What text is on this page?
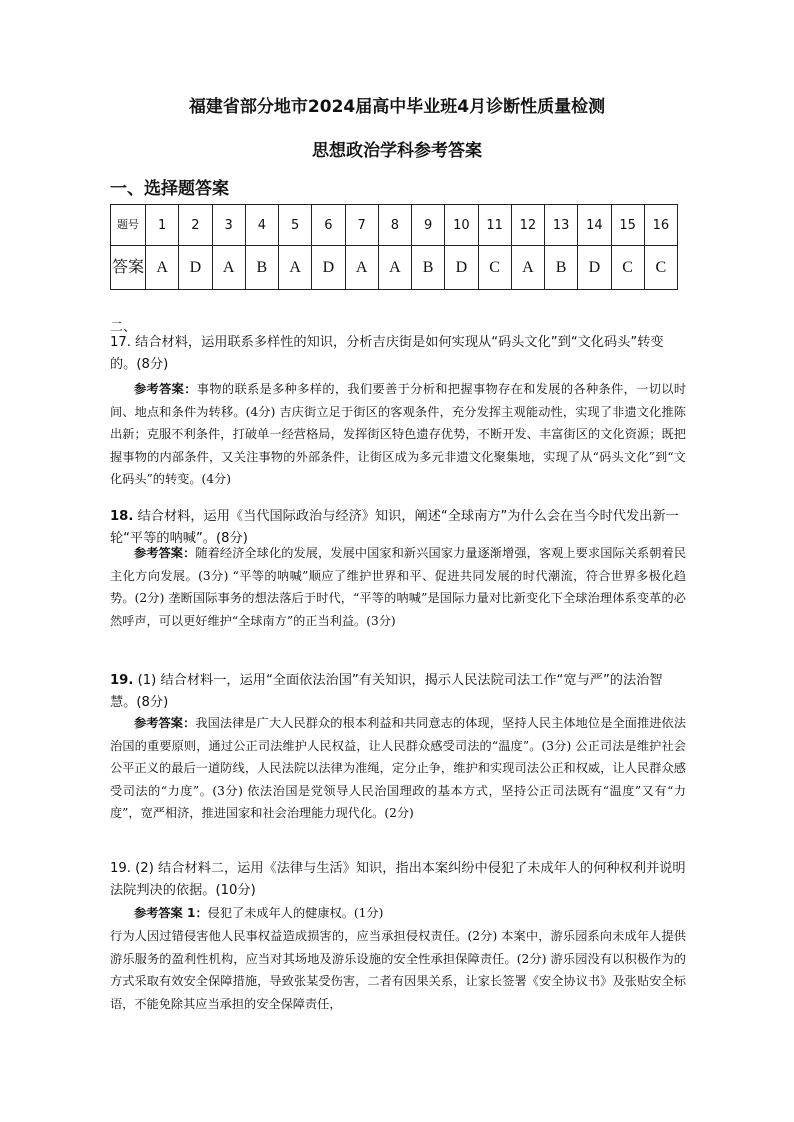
福建省部分地市2024届高中毕业班4月诊断性质量检测
思想政治学科参考答案
一、选择题答案
题号	1	2	3	4	5	6	7	8	9	10	11	12	13	14	15	16
答案	A	D	A	B	A	D	A	A	B	D	C	A	B	D	C	C
二、
17. 结合材料，运用联系多样性的知识，分析吉庆街是如何实现从“码头文化”到“文化码头”转变的。(8分)
参考答案：事物的联系是多种多样的，我们要善于分析和把握事物存在和发展的各种条件，一切以时间、地点和条件为转移。(4分) 吉庆街立足于街区的客观条件，充分发挥主观能动性，实现了非遗文化推陈出新；克服不利条件，打破单一经营格局，发挥街区特色遗存优势，不断开发、丰富街区的文化资源；既把握事物的内部条件，又关注事物的外部条件，让街区成为多元非遗文化聚集地，实现了从“码头文化”到“文化码头”的转变。(4分)
18. 结合材料，运用《当代国际政治与经济》知识，阐述“全球南方”为什么会在当今时代发出新一轮“平等的呐喊”。(8分)
参考答案：随着经济全球化的发展，发展中国家和新兴国家力量逐渐增强，客观上要求国际关系朝着民主化方向发展。(3分) “平等的呐喊”顺应了维护世界和平、促进共同发展的时代潮流，符合世界多极化趋势。(2分) 垄断国际事务的想法落后于时代，“平等的呐喊”是国际力量对比新变化下全球治理体系变革的必然呼声，可以更好维护“全球南方”的正当利益。(3分)
19. (1) 结合材料一，运用“全面依法治国”有关知识，揭示人民法院司法工作“宽与严”的法治智慧。(8分)
参考答案：我国法律是广大人民群众的根本利益和共同意志的体现，坚持人民主体地位是全面推进依法治国的重要原则，通过公正司法维护人民权益，让人民群众感受司法的“温度”。(3分) 公正司法是维护社会公平正义的最后一道防线，人民法院以法律为准绳，定分止争，维护和实现司法公正和权威，让人民群众感受司法的“力度”。(3分) 依法治国是党领导人民治国理政的基本方式，坚持公正司法既有“温度”又有“力度”，宽严相济，推进国家和社会治理能力现代化。(2分)
19. (2) 结合材料二，运用《法律与生活》知识，指出本案纠纷中侵犯了未成年人的何种权利并说明法院判决的依据。(10分)
参考答案 1：侵犯了未成年人的健康权。(1分)
行为人因过错侵害他人民事权益造成损害的，应当承担侵权责任。(2分) 本案中，游乐园系向未成年人提供游乐服务的盈利性机构，应当对其场地及游乐设施的安全性承担保障责任。(2分) 游乐园没有以积极作为的方式采取有效安全保障措施，导致张某受伤害，二者有因果关系，让家长签署《安全协议书》及张贴安全标语，不能免除其应当承担的安全保障责任，
